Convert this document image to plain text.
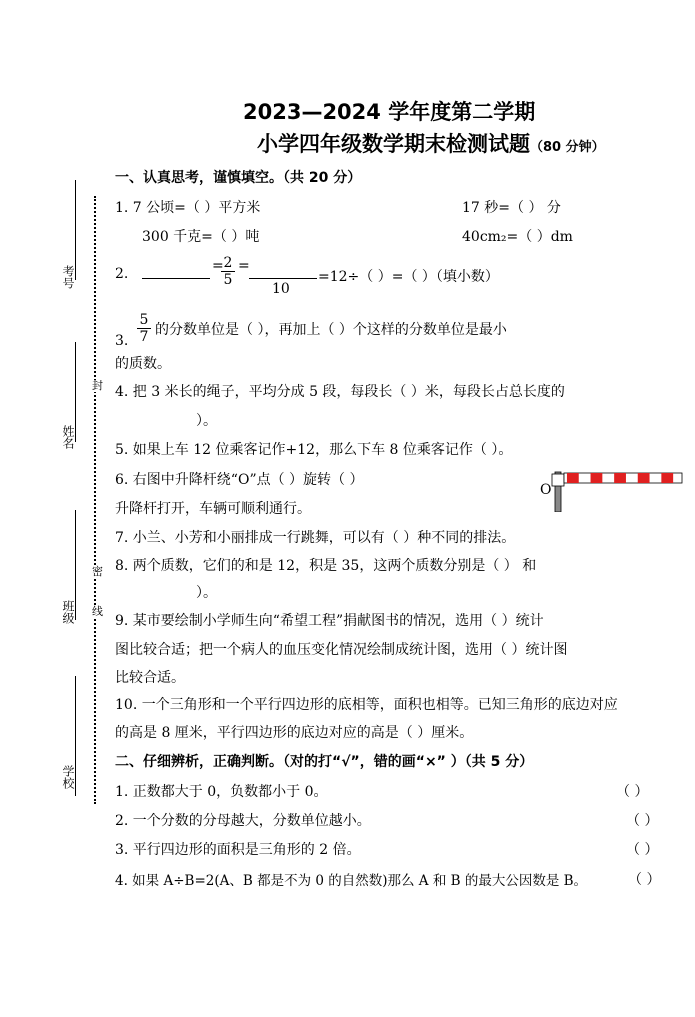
2023—2024 学年度第二学期
小学四年级数学期末检测试题（80 分钟）
考号
姓名
班级
学校
封
密
线
一、认真思考，谨慎填空。（共 20 分）
1. 7 公顷=（ ）平方米	17 秒=（ ） 分
300 千克=（ ）吨	40cm₂=（ ）dm
2.	=
$\frac{2}{5}$ =
10
=12÷（ ）=（ ）（填小数）
$\frac{5}{7}$
3.
的分数单位是（ ），再加上（ ）个这样的分数单位是最小
的质数。
4. 把 3 米长的绳子，平均分成 5 段，每段长（ ）米，每段长占总长度的
）。
5. 如果上车 12 位乘客记作+12，那么下车 8 位乘客记作（ ）。
6. 右图中升降杆绕“O”点（ ）旋转（ ）
升降杆打开，车辆可顺利通行。
O
7. 小兰、小芳和小丽排成一行跳舞，可以有（ ）种不同的排法。
8. 两个质数，它们的和是 12，积是 35，这两个质数分别是（ ） 和
）。
9. 某市要绘制小学师生向“希望工程”捐献图书的情况，选用（ ）统计
图比较合适；把一个病人的血压变化情况绘制成统计图，选用（ ）统计图
比较合适。
10. 一个三角形和一个平行四边形的底相等，面积也相等。已知三角形的底边对应
的高是 8 厘米，平行四边形的底边对应的高是（ ）厘米。
二、仔细辨析，正确判断。（对的打“√”，错的画“×” ）（共 5 分）
1. 正数都大于 0，负数都小于 0。	（ ）
2. 一个分数的分母越大，分数单位越小。	（ ）
3. 平行四边形的面积是三角形的 2 倍。	（ ）
4. 如果 A÷B=2(A、B 都是不为 0 的自然数)那么 A 和 B 的最大公因数是 B。	（ ）
